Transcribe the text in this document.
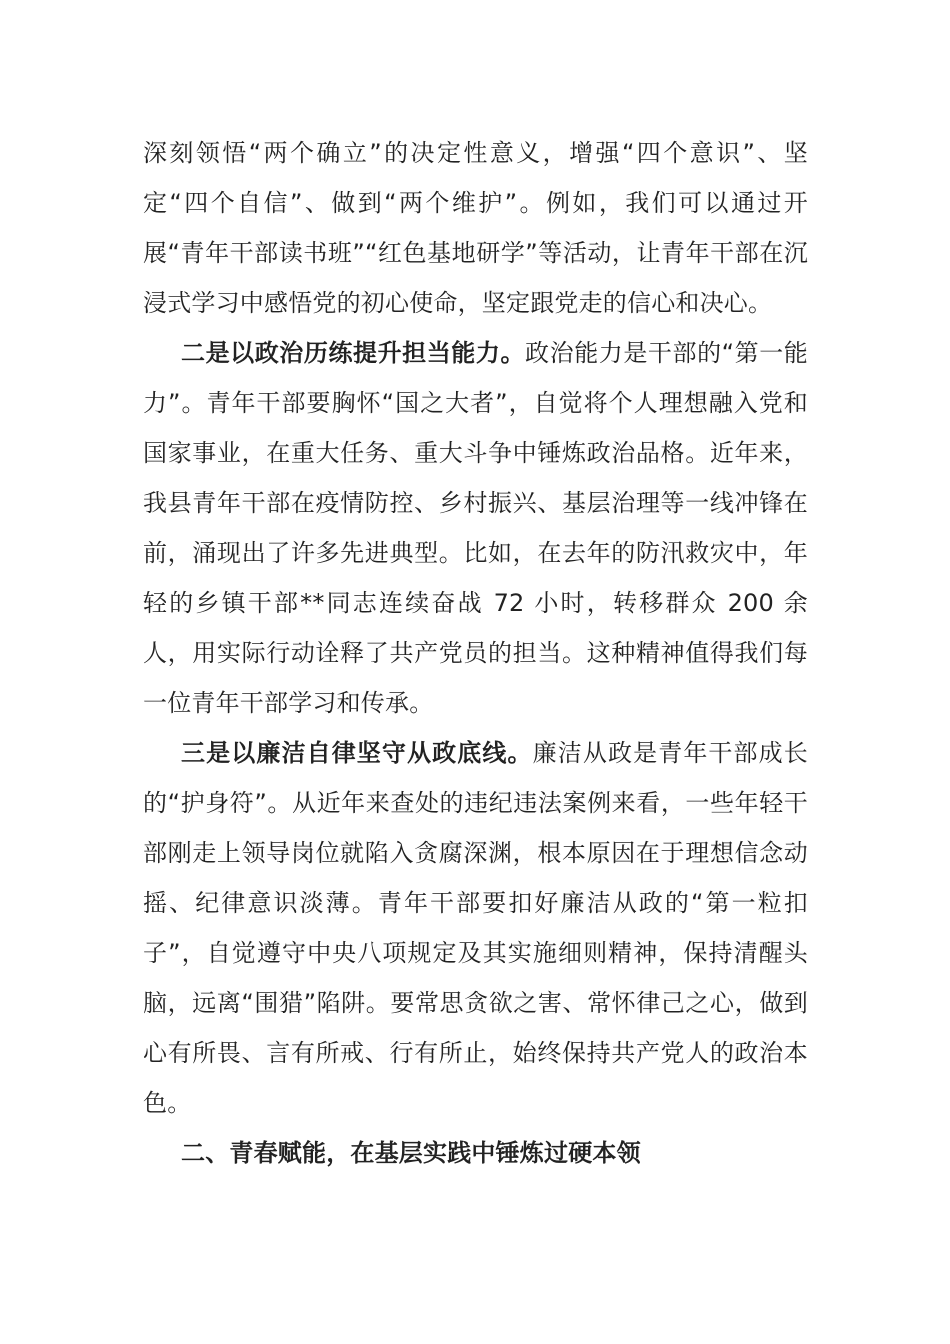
深刻领悟“两个确立”的决定性意义，增强“四个意识”、坚定“四个自信”、做到“两个维护”。例如，我们可以通过开展“青年干部读书班”“红色基地研学”等活动，让青年干部在沉浸式学习中感悟党的初心使命，坚定跟党走的信心和决心。

二是以政治历练提升担当能力。政治能力是干部的“第一能力”。青年干部要胸怀“国之大者”，自觉将个人理想融入党和国家事业，在重大任务、重大斗争中锤炼政治品格。近年来，我县青年干部在疫情防控、乡村振兴、基层治理等一线冲锋在前，涌现出了许多先进典型。比如，在去年的防汛救灾中，年轻的乡镇干部**同志连续奋战 72 小时，转移群众 200 余人，用实际行动诠释了共产党员的担当。这种精神值得我们每一位青年干部学习和传承。

三是以廉洁自律坚守从政底线。廉洁从政是青年干部成长的“护身符”。从近年来查处的违纪违法案例来看，一些年轻干部刚走上领导岗位就陷入贪腐深渊，根本原因在于理想信念动摇、纪律意识淡薄。青年干部要扣好廉洁从政的“第一粒扣子”，自觉遵守中央八项规定及其实施细则精神，保持清醒头脑，远离“围猎”陷阱。要常思贪欲之害、常怀律己之心，做到心有所畏、言有所戒、行有所止，始终保持共产党人的政治本色。

二、青春赋能，在基层实践中锤炼过硬本领
